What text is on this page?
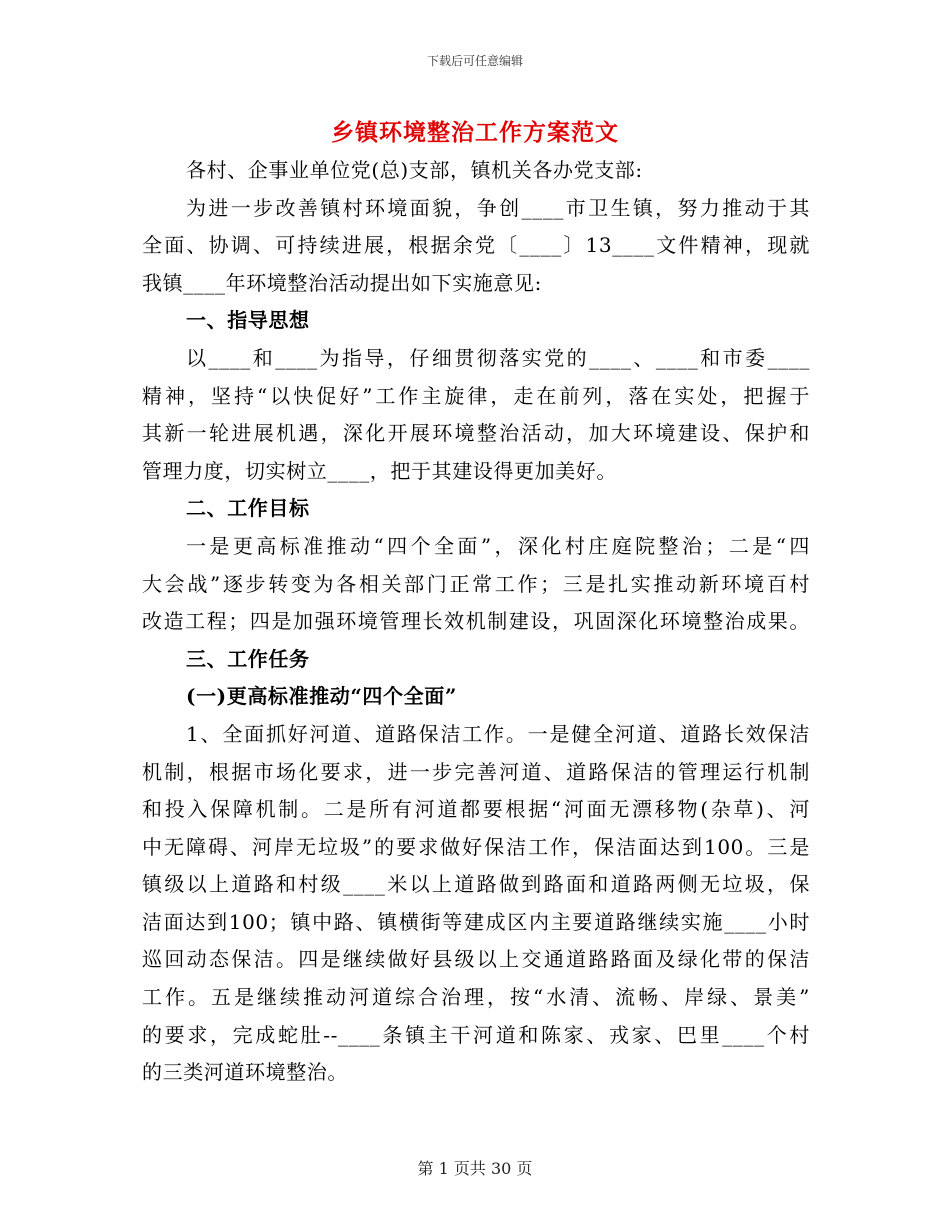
下载后可任意编辑
乡镇环境整治工作方案范文
各村、企事业单位党(总)支部，镇机关各办党支部:
为进一步改善镇村环境面貌，争创____市卫生镇，努力推动于其
全面、协调、可持续进展，根据余党〔____〕13____文件精神，现就
我镇____年环境整治活动提出如下实施意见:
一、指导思想
以____和____为指导，仔细贯彻落实党的____、____和市委____
精神，坚持“以快促好”工作主旋律，走在前列，落在实处，把握于
其新一轮进展机遇，深化开展环境整治活动，加大环境建设、保护和
管理力度，切实树立____，把于其建设得更加美好。
二、工作目标
一是更高标准推动“四个全面”，深化村庄庭院整治；二是“四
大会战”逐步转变为各相关部门正常工作；三是扎实推动新环境百村
改造工程；四是加强环境管理长效机制建设，巩固深化环境整治成果。
三、工作任务
(一)更高标准推动“四个全面”
1、全面抓好河道、道路保洁工作。一是健全河道、道路长效保洁
机制，根据市场化要求，进一步完善河道、道路保洁的管理运行机制
和投入保障机制。二是所有河道都要根据“河面无漂移物(杂草)、河
中无障碍、河岸无垃圾”的要求做好保洁工作，保洁面达到100。三是
镇级以上道路和村级____米以上道路做到路面和道路两侧无垃圾，保
洁面达到100；镇中路、镇横街等建成区内主要道路继续实施____小时
巡回动态保洁。四是继续做好县级以上交通道路路面及绿化带的保洁
工作。五是继续推动河道综合治理，按“水清、流畅、岸绿、景美”
的要求，完成蛇肚--____条镇主干河道和陈家、戎家、巴里____个村
的三类河道环境整治。
第 1 页共 30 页
